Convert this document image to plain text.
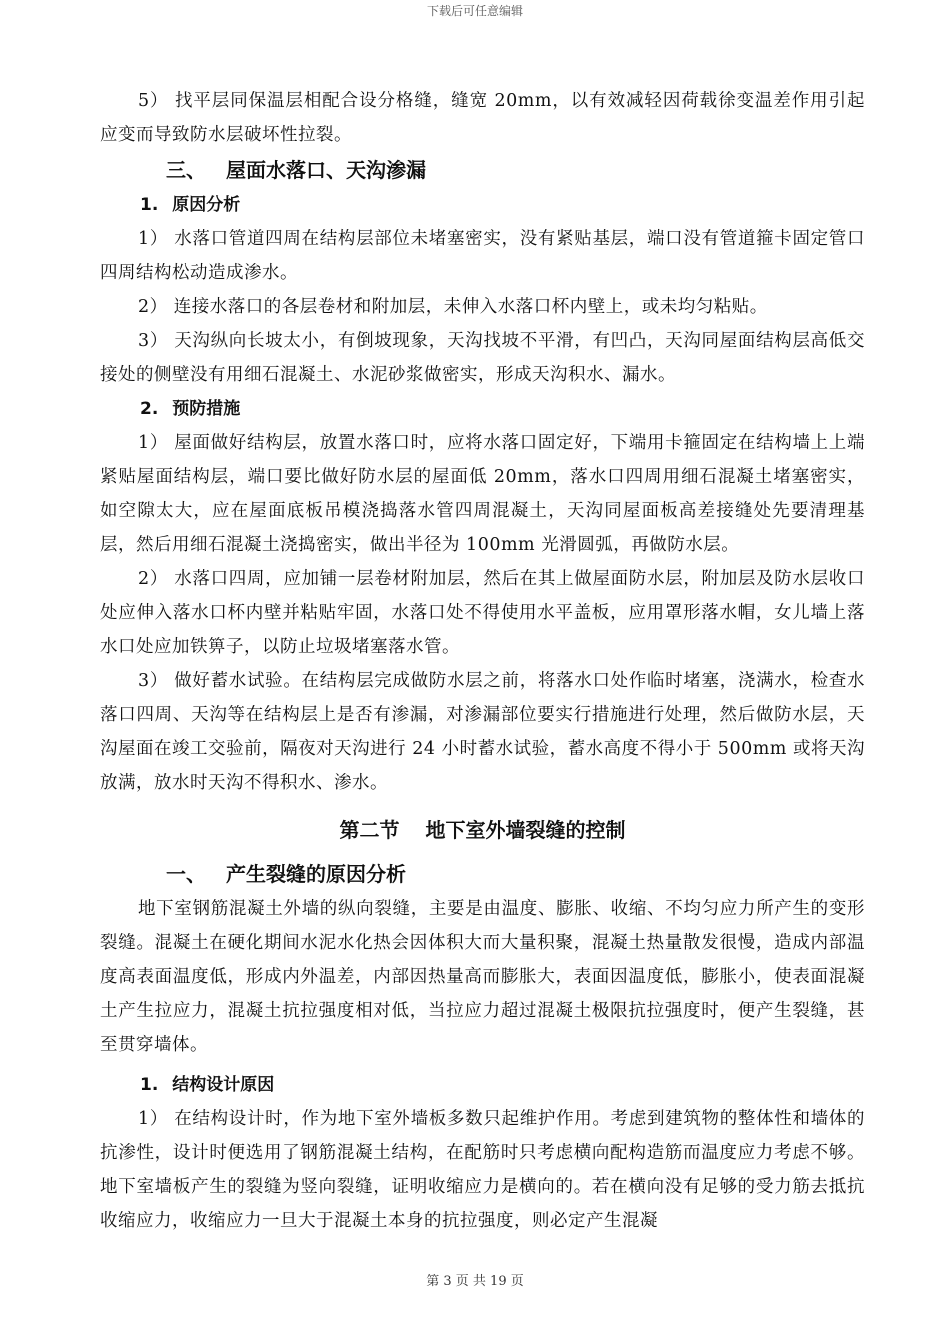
下载后可任意编辑

5） 找平层同保温层相配合设分格缝，缝宽 20mm，以有效减轻因荷载徐变温差作用引起应变而导致防水层破坏性拉裂。

三、 屋面水落口、天沟渗漏
1. 原因分析

1） 水落口管道四周在结构层部位未堵塞密实，没有紧贴基层，端口没有管道箍卡固定管口四周结构松动造成渗水。

2） 连接水落口的各层卷材和附加层，未伸入水落口杯内壁上，或未均匀粘贴。

3） 天沟纵向长坡太小，有倒坡现象，天沟找坡不平滑，有凹凸，天沟同屋面结构层高低交接处的侧壁没有用细石混凝土、水泥砂浆做密实，形成天沟积水、漏水。

2. 预防措施

1） 屋面做好结构层，放置水落口时，应将水落口固定好，下端用卡箍固定在结构墙上上端紧贴屋面结构层，端口要比做好防水层的屋面低 20mm，落水口四周用细石混凝土堵塞密实，如空隙太大，应在屋面底板吊模浇捣落水管四周混凝土，天沟同屋面板高差接缝处先要清理基层，然后用细石混凝土浇捣密实，做出半径为 100mm 光滑圆弧，再做防水层。

2） 水落口四周，应加铺一层卷材附加层，然后在其上做屋面防水层，附加层及防水层收口处应伸入落水口杯内壁并粘贴牢固，水落口处不得使用水平盖板，应用罩形落水帽，女儿墙上落水口处应加铁箅子，以防止垃圾堵塞落水管。

3） 做好蓄水试验。在结构层完成做防水层之前，将落水口处作临时堵塞，浇满水，检查水落口四周、天沟等在结构层上是否有渗漏，对渗漏部位要实行措施进行处理，然后做防水层，天沟屋面在竣工交验前，隔夜对天沟进行 24 小时蓄水试验，蓄水高度不得小于 500mm 或将天沟放满，放水时天沟不得积水、渗水。

第二节 地下室外墙裂缝的控制
一、 产生裂缝的原因分析

地下室钢筋混凝土外墙的纵向裂缝，主要是由温度、膨胀、收缩、不均匀应力所产生的变形裂缝。混凝土在硬化期间水泥水化热会因体积大而大量积聚，混凝土热量散发很慢，造成内部温度高表面温度低，形成内外温差，内部因热量高而膨胀大，表面因温度低，膨胀小，使表面混凝土产生拉应力，混凝土抗拉强度相对低，当拉应力超过混凝土极限抗拉强度时，便产生裂缝，甚至贯穿墙体。

1. 结构设计原因

1） 在结构设计时，作为地下室外墙板多数只起维护作用。考虑到建筑物的整体性和墙体的抗渗性，设计时便选用了钢筋混凝土结构，在配筋时只考虑横向配构造筋而温度应力考虑不够。地下室墙板产生的裂缝为竖向裂缝，证明收缩应力是横向的。若在横向没有足够的受力筋去抵抗收缩应力，收缩应力一旦大于混凝土本身的抗拉强度，则必定产生混凝

第 3 页 共 19 页
